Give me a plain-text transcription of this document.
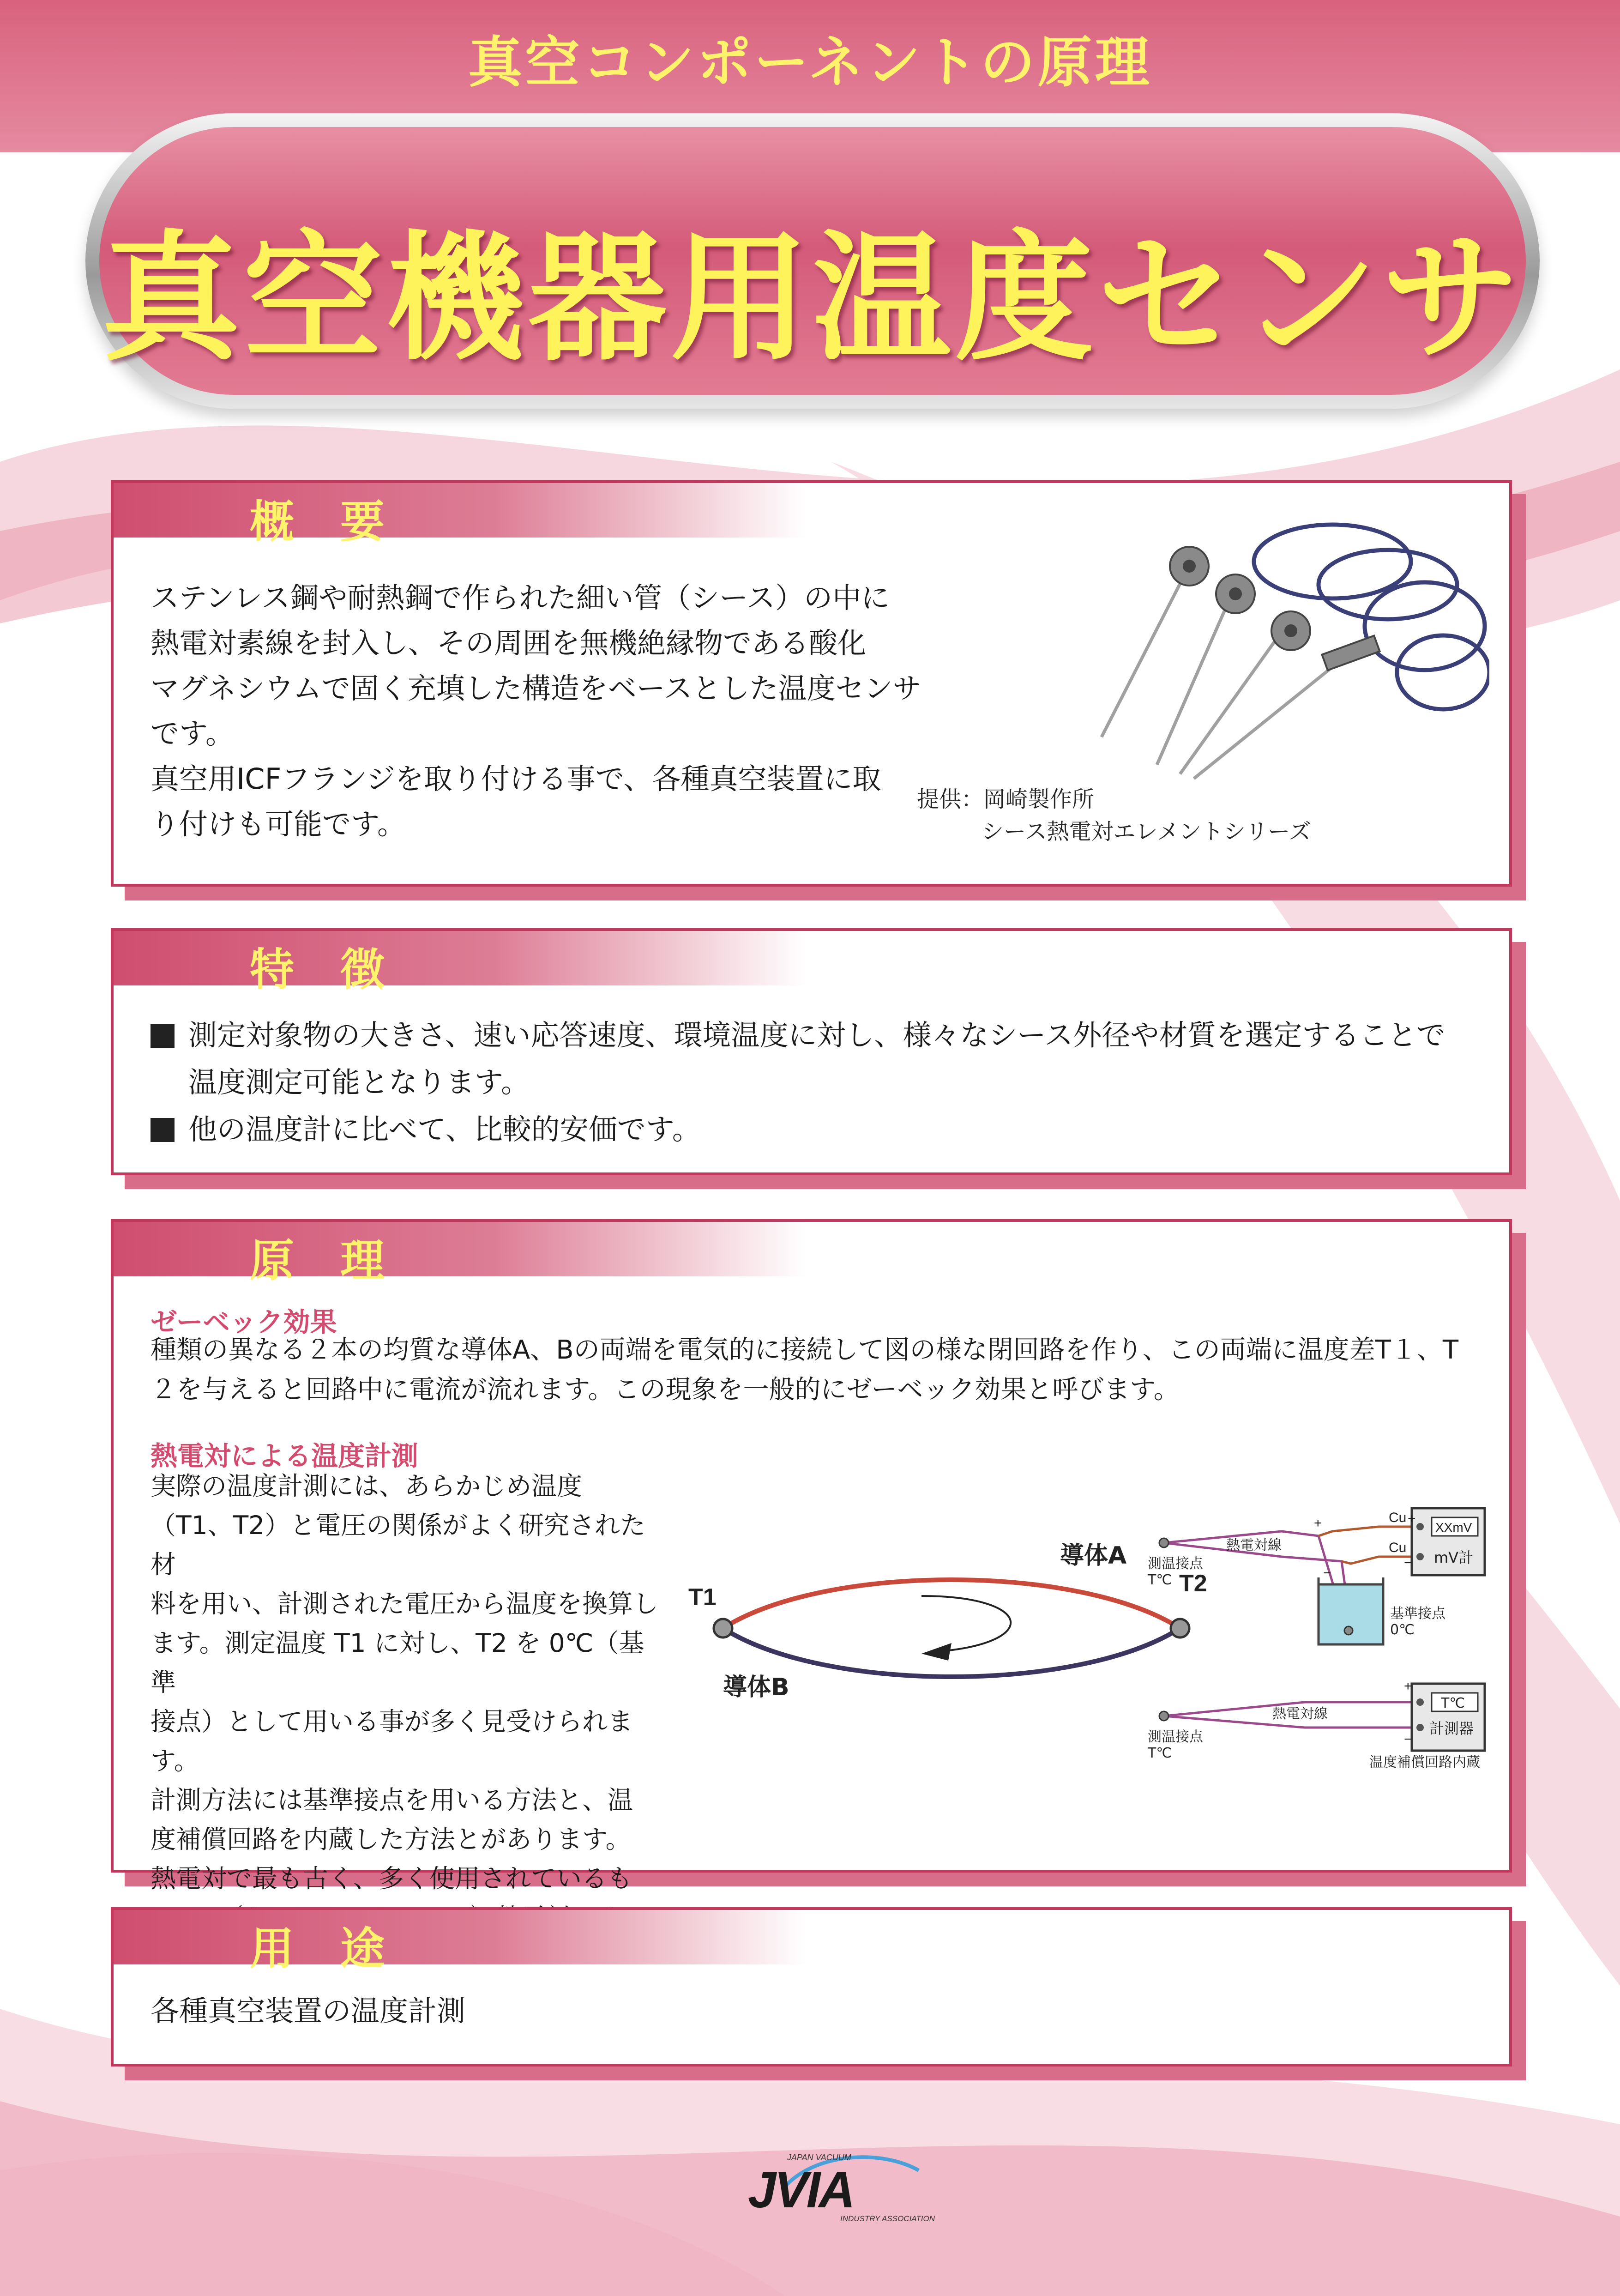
真空コンポーネントの原理
真空機器用温度センサ
概要
ステンレス鋼や耐熱鋼で作られた細い管（シース）の中に
熱電対素線を封入し、その周囲を無機絶縁物である酸化
マグネシウムで固く充填した構造をベースとした温度センサ
です。
真空用ICFフランジを取り付ける事で、各種真空装置に取
り付けも可能です。
提供：岡崎製作所
シース熱電対エレメントシリーズ
特徴
測定対象物の大きさ、速い応答速度、環境温度に対し、様々なシース外径や材質を選定することで
温度測定可能となります。
他の温度計に比べて、比較的安価です。
原理
ゼーベック効果
種類の異なる２本の均質な導体A、Bの両端を電気的に接続して図の様な閉回路を作り、この両端に温度差T１、T
２を与えると回路中に電流が流れます。この現象を一般的にゼーベック効果と呼びます。
熱電対による温度計測
実際の温度計測には、あらかじめ温度
（T1、T2）と電圧の関係がよく研究された材
料を用い、計測された電圧から温度を換算し
ます。測定温度 T1 に対し、T2 を 0℃（基準
接点）として用いる事が多く見受けられます。
計測方法には基準接点を用いる方法と、温
度補償回路を内蔵した方法とがあります。
熱電対で最も古く、多く使用されているも
T1
T2
導体A
導体B
XXmV
mV計
Cu
Cu
+
+
−
−
熱電対線
測温接点
T℃
基準接点
0℃
T℃
計測器
+
−
熱電対線
測温接点
T℃
温度補償回路内蔵
用途
各種真空装置の温度計測
JAPAN VACUUM
JVIA
INDUSTRY ASSOCIATION
